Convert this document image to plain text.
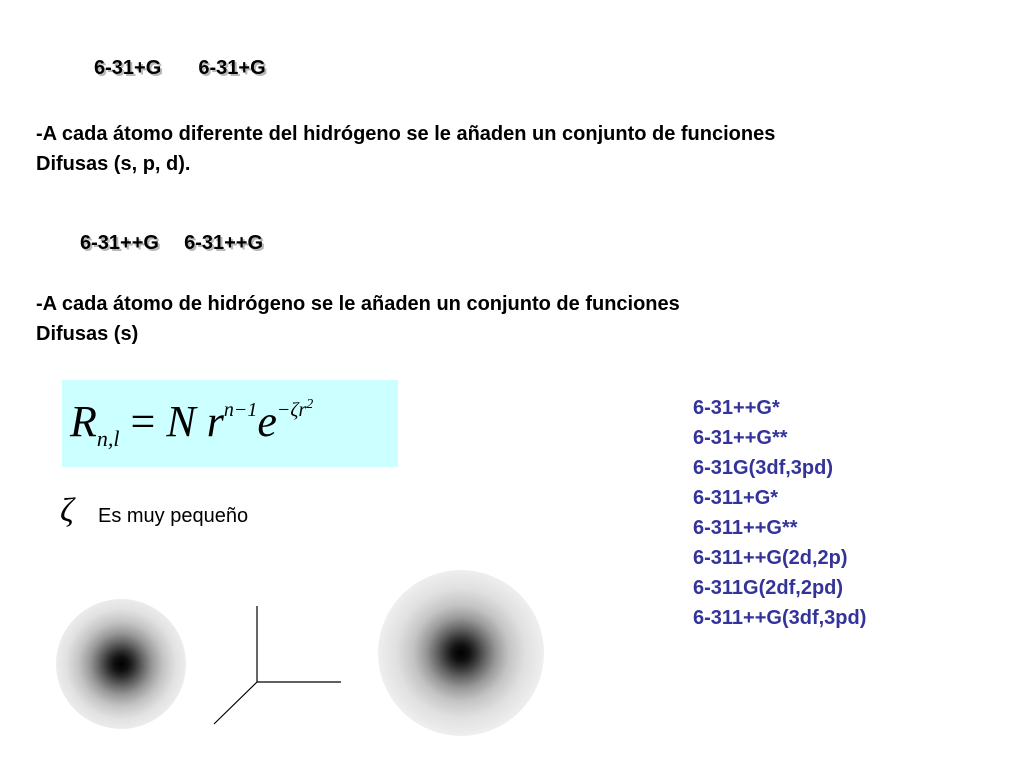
6-31+G 6-31+G
-A cada átomo diferente del hidrógeno se le añaden un conjunto de funciones
Difusas (s, p, d).
6-31++G 6-31++G
-A cada átomo de hidrógeno se le añaden un conjunto de funciones
Difusas (s)
$R_{n,l} = N$ $r^{n-1}e^{-\zeta r^2}$
ζ Es muy pequeño
6-31++G*
6-31++G**
6-31G(3df,3pd)
6-311+G*
6-311++G**
6-311++G(2d,2p)
6-311G(2df,2pd)
6-311++G(3df,3pd)
